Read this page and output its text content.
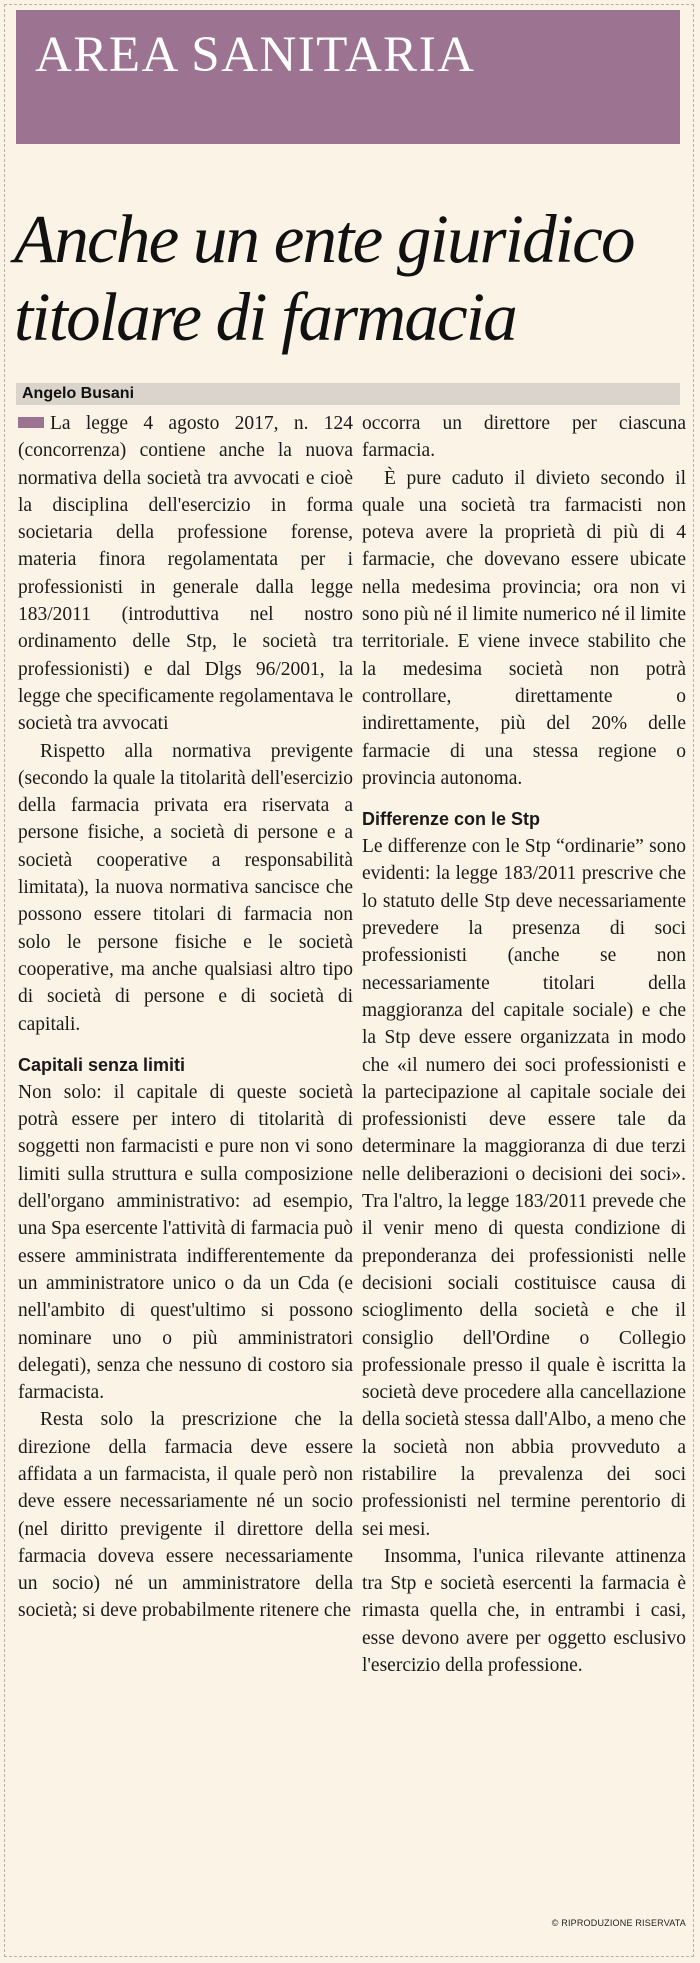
AREA SANITARIA
Anche un ente giuridico
titolare di farmacia
Angelo Busani

La legge 4 agosto 2017, n. 124 (concorrenza) contiene anche la nuova normativa della società tra avvocati e cioè la disciplina dell'esercizio in forma societaria della professione forense, materia finora regolamentata per i professionisti in generale dalla legge 183/2011 (introduttiva nel nostro ordinamento delle Stp, le società tra professionisti) e dal Dlgs 96/2001, la legge che specificamente regolamentava le società tra avvocati

Rispetto alla normativa previgente (secondo la quale la titolarità dell'esercizio della farmacia privata era riservata a persone fisiche, a società di persone e a società cooperative a responsabilità limitata), la nuova normativa sancisce che possono essere titolari di farmacia non solo le persone fisiche e le società cooperative, ma anche qualsiasi altro tipo di società di persone e di società di capitali.

Capitali senza limiti

Non solo: il capitale di queste società potrà essere per intero di titolarità di soggetti non farmacisti e pure non vi sono limiti sulla struttura e sulla composizione dell'organo amministrativo: ad esempio, una Spa esercente l'attività di farmacia può essere amministrata indifferentemente da un amministratore unico o da un Cda (e nell'ambito di quest'ultimo si possono nominare uno o più amministratori delegati), senza che nessuno di costoro sia farmacista.

Resta solo la prescrizione che la direzione della farmacia deve essere affidata a un farmacista, il quale però non deve essere necessariamente né un socio (nel diritto previgente il direttore della farmacia doveva essere necessariamente un socio) né un amministratore della società; si deve probabilmente ritenere che

occorra un direttore per ciascuna farmacia.

È pure caduto il divieto secondo il quale una società tra farmacisti non poteva avere la proprietà di più di 4 farmacie, che dovevano essere ubicate nella medesima provincia; ora non vi sono più né il limite numerico né il limite territoriale. E viene invece stabilito che la medesima società non potrà controllare, direttamente o indirettamente, più del 20% delle farmacie di una stessa regione o provincia autonoma.

Differenze con le Stp

Le differenze con le Stp “ordinarie” sono evidenti: la legge 183/2011 prescrive che lo statuto delle Stp deve necessariamente prevedere la presenza di soci professionisti (anche se non necessariamente titolari della maggioranza del capitale sociale) e che la Stp deve essere organizzata in modo che «il numero dei soci professionisti e la partecipazione al capitale sociale dei professionisti deve essere tale da determinare la maggioranza di due terzi nelle deliberazioni o decisioni dei soci». Tra l'altro, la legge 183/2011 prevede che il venir meno di questa condizione di preponderanza dei professionisti nelle decisioni sociali costituisce causa di scioglimento della società e che il consiglio dell'Ordine o Collegio professionale presso il quale è iscritta la società deve procedere alla cancellazione della società stessa dall'Albo, a meno che la società non abbia provveduto a ristabilire la prevalenza dei soci professionisti nel termine perentorio di sei mesi.

Insomma, l'unica rilevante attinenza tra Stp e società esercenti la farmacia è rimasta quella che, in entrambi i casi, esse devono avere per oggetto esclusivo l'esercizio della professione.

© RIPRODUZIONE RISERVATA
